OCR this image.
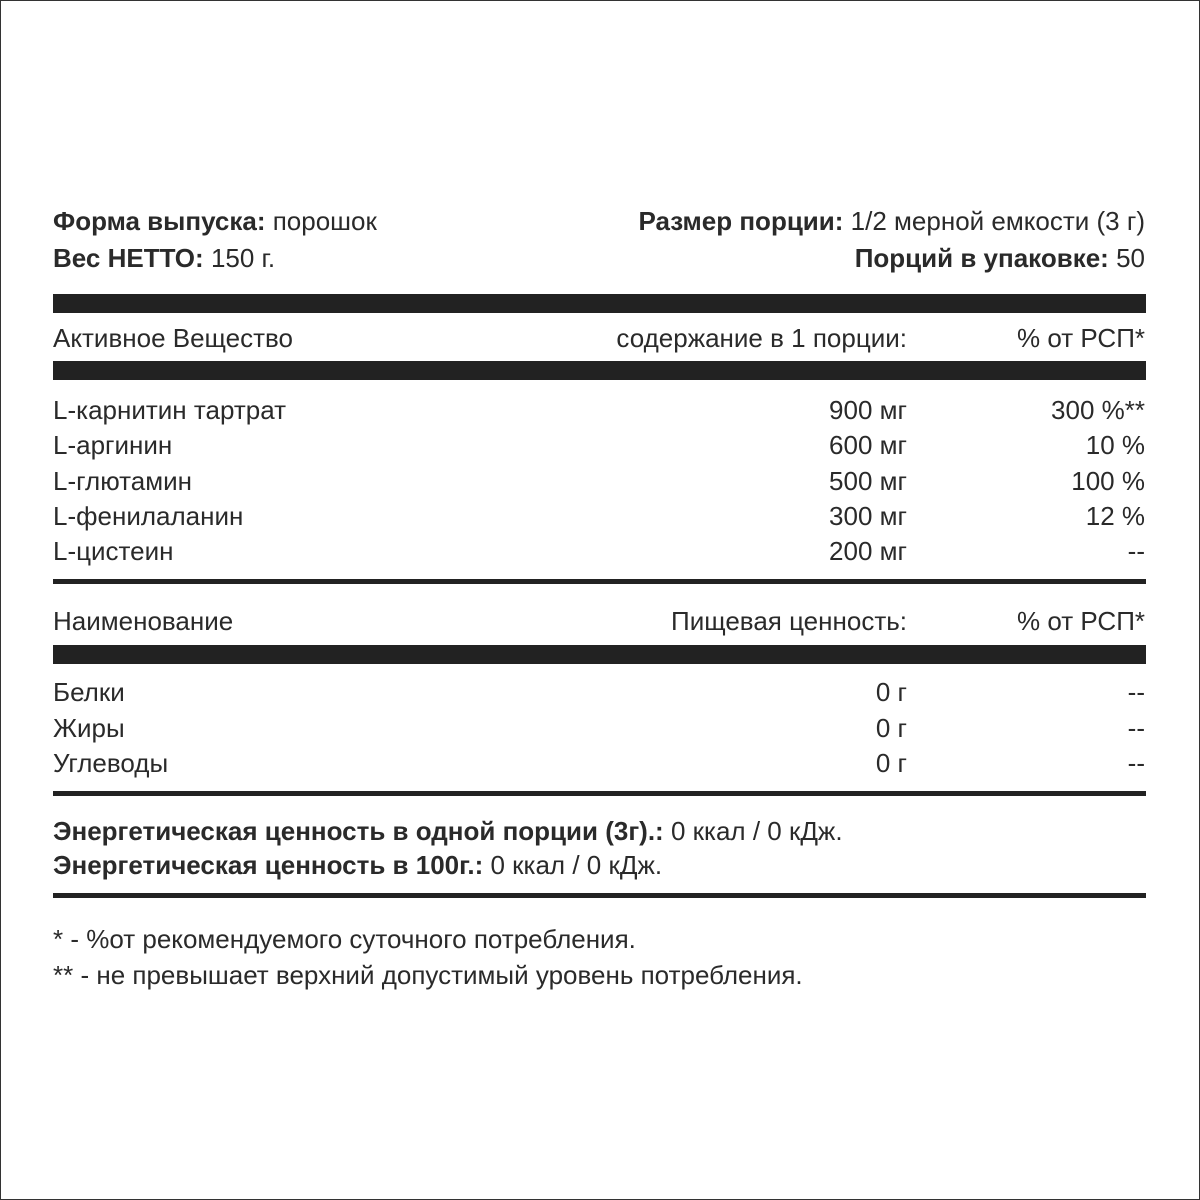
Форма выпуска: порошок	Размер порции: 1/2 мерной емкости (3 г)
Вес НЕТТО: 150 г.	Порций в упаковке: 50
Активное Вещество	содержание в 1 порции:	% от РСП*
L-карнитин тартрат	900 мг	300 %**
L-аргинин	600 мг	10 %
L-глютамин	500 мг	100 %
L-фенилаланин	300 мг	12 %
L-цистеин	200 мг	--
Наименование	Пищевая ценность:	% от РСП*
Белки	0 г	--
Жиры	0 г	--
Углеводы	0 г	--
Энергетическая ценность в одной порции (3г).: 0 ккал / 0 кДж.
Энергетическая ценность в 100г.: 0 ккал / 0 кДж.
* - %от рекомендуемого суточного потребления.
** - не превышает верхний допустимый уровень потребления.
